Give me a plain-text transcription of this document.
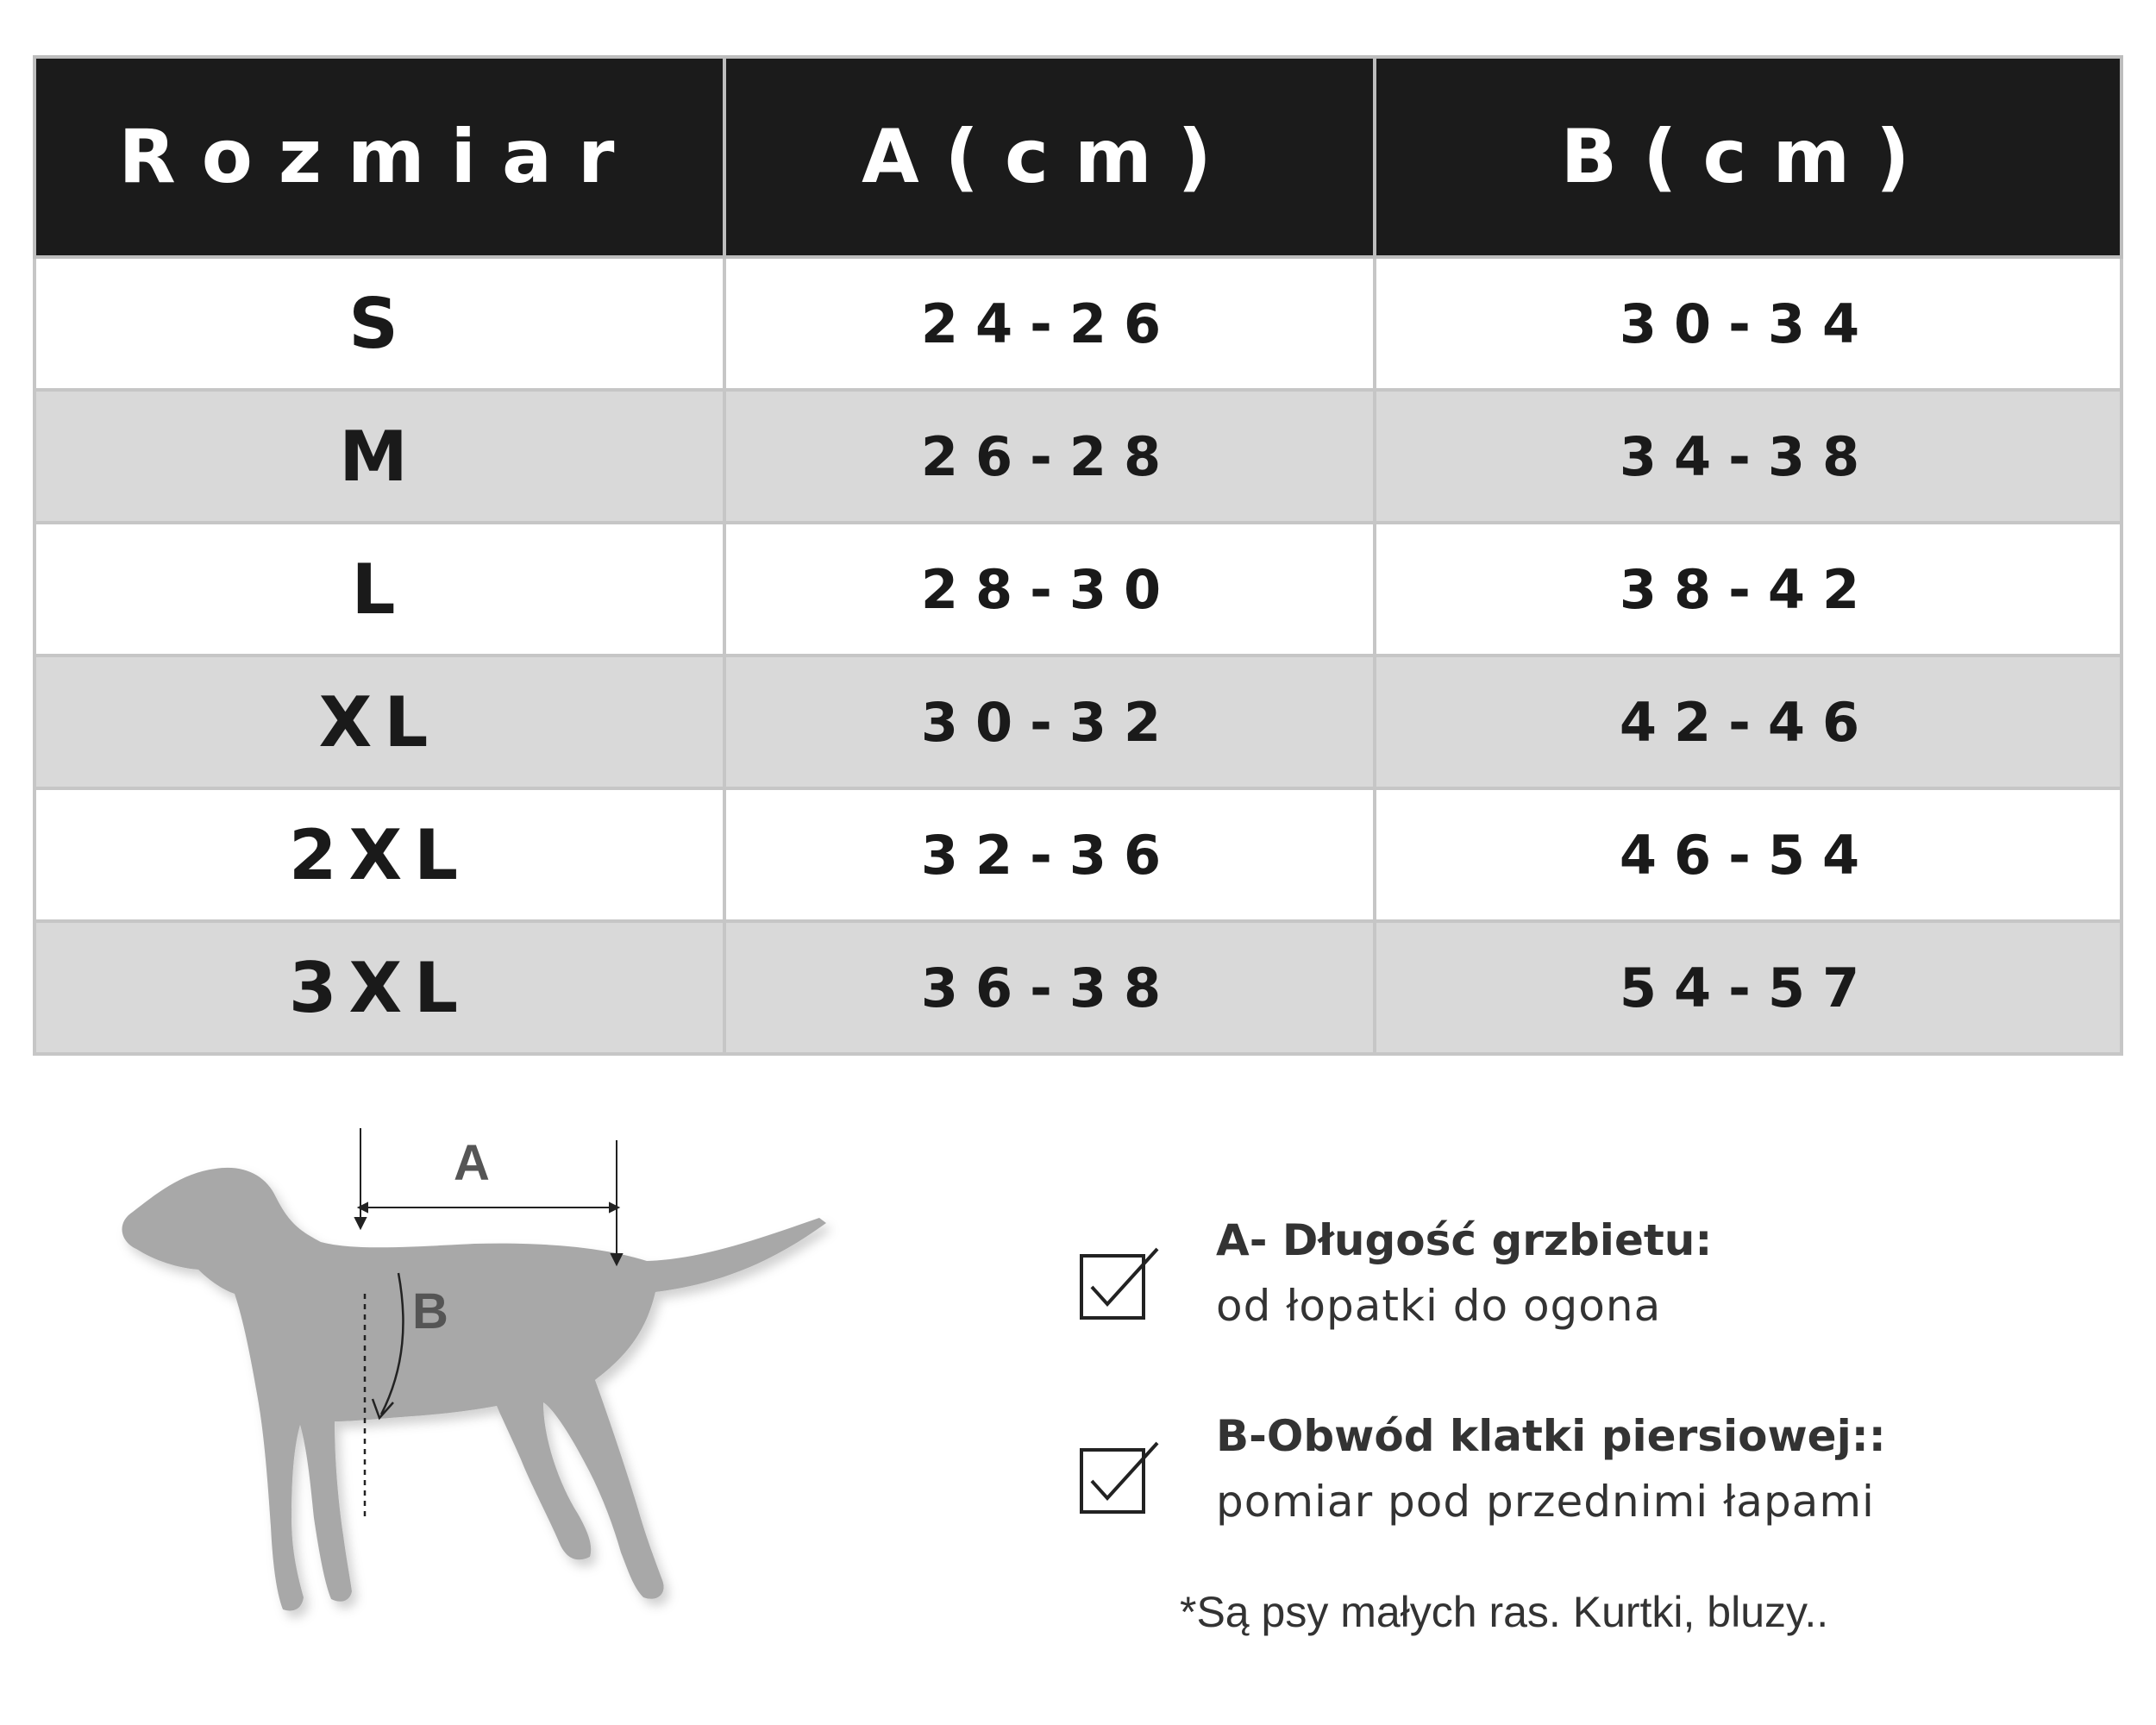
Rozmiar	A(cm)	B(cm)
S	24-26	30-34
M	26-28	34-38
L	28-30	38-42
XL	30-32	42-46
2XL	32-36	46-54
3XL	36-38	54-57
A
B
A- Długość grzbietu:
od łopatki do ogona
B-Obwód klatki piersiowej::
pomiar pod przednimi łapami
*Są psy małych ras. Kurtki, bluzy..
